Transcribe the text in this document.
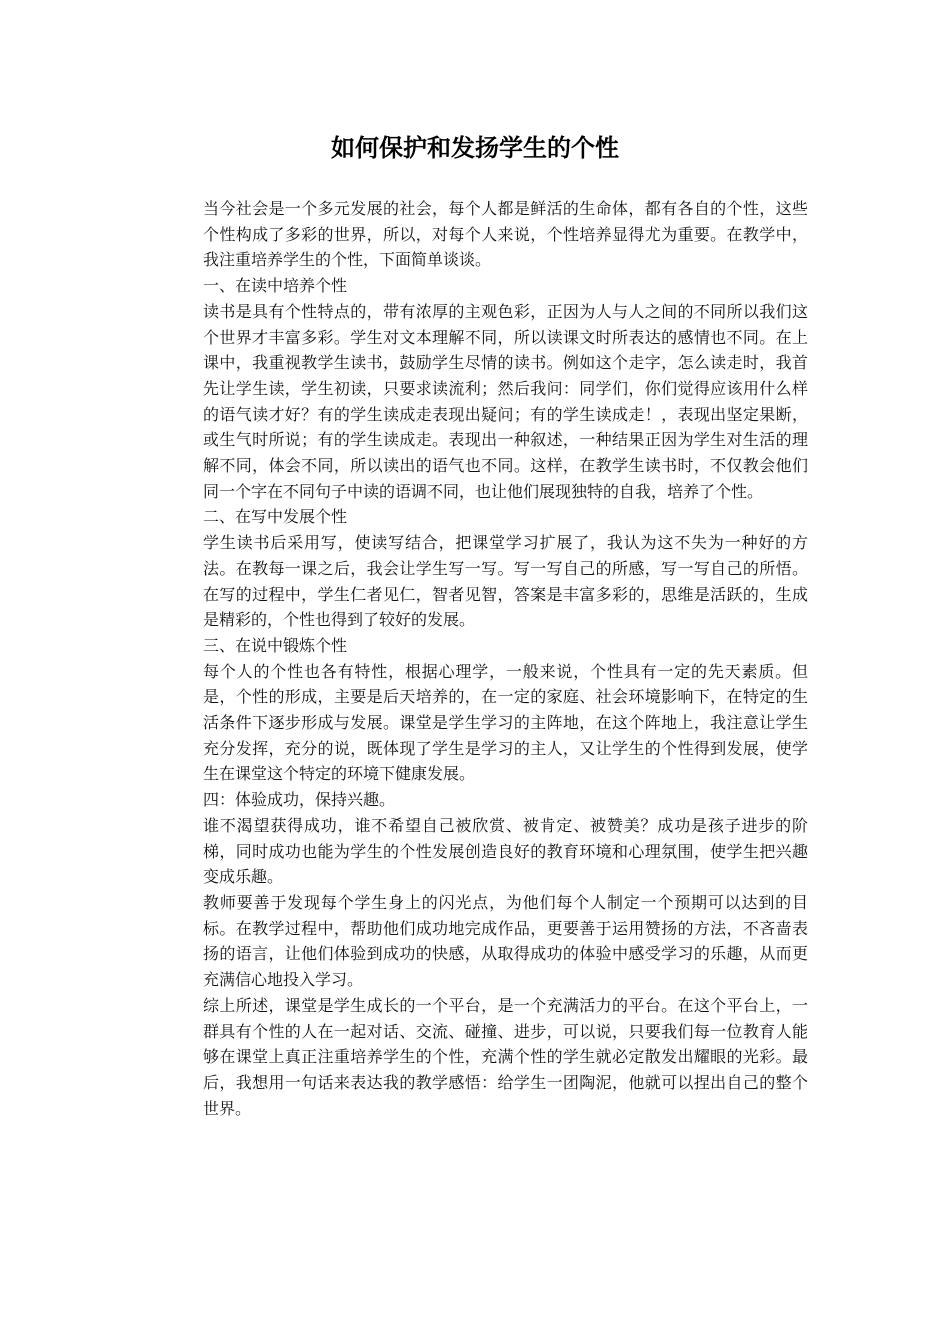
如何保护和发扬学生的个性

当今社会是一个多元发展的社会，每个人都是鲜活的生命体，都有各自的个性，这些个性构成了多彩的世界，所以，对每个人来说，个性培养显得尤为重要。在教学中，我注重培养学生的个性，下面简单谈谈。

一、在读中培养个性

读书是具有个性特点的，带有浓厚的主观色彩，正因为人与人之间的不同所以我们这个世界才丰富多彩。学生对文本理解不同，所以读课文时所表达的感情也不同。在上课中，我重视教学生读书，鼓励学生尽情的读书。例如这个走字，怎么读走时，我首先让学生读，学生初读，只要求读流利；然后我问：同学们，你们觉得应该用什么样的语气读才好？有的学生读成走表现出疑问；有的学生读成走！，表现出坚定果断，或生气时所说；有的学生读成走。表现出一种叙述，一种结果正因为学生对生活的理解不同，体会不同，所以读出的语气也不同。这样，在教学生读书时，不仅教会他们同一个字在不同句子中读的语调不同，也让他们展现独特的自我，培养了个性。

二、在写中发展个性

学生读书后采用写，使读写结合，把课堂学习扩展了，我认为这不失为一种好的方法。在教每一课之后，我会让学生写一写。写一写自己的所感，写一写自己的所悟。在写的过程中，学生仁者见仁，智者见智，答案是丰富多彩的，思维是活跃的，生成是精彩的，个性也得到了较好的发展。

三、在说中锻炼个性

每个人的个性也各有特性，根据心理学，一般来说，个性具有一定的先天素质。但是，个性的形成，主要是后天培养的，在一定的家庭、社会环境影响下，在特定的生活条件下逐步形成与发展。课堂是学生学习的主阵地，在这个阵地上，我注意让学生充分发挥，充分的说，既体现了学生是学习的主人，又让学生的个性得到发展，使学生在课堂这个特定的环境下健康发展。

四：体验成功，保持兴趣。

谁不渴望获得成功，谁不希望自己被欣赏、被肯定、被赞美？成功是孩子进步的阶梯，同时成功也能为学生的个性发展创造良好的教育环境和心理氛围，使学生把兴趣变成乐趣。

教师要善于发现每个学生身上的闪光点，为他们每个人制定一个预期可以达到的目标。在教学过程中，帮助他们成功地完成作品，更要善于运用赞扬的方法，不吝啬表扬的语言，让他们体验到成功的快感，从取得成功的体验中感受学习的乐趣，从而更充满信心地投入学习。

综上所述，课堂是学生成长的一个平台，是一个充满活力的平台。在这个平台上，一群具有个性的人在一起对话、交流、碰撞、进步，可以说，只要我们每一位教育人能够在课堂上真正注重培养学生的个性，充满个性的学生就必定散发出耀眼的光彩。最后，我想用一句话来表达我的教学感悟：给学生一团陶泥，他就可以捏出自己的整个世界。
